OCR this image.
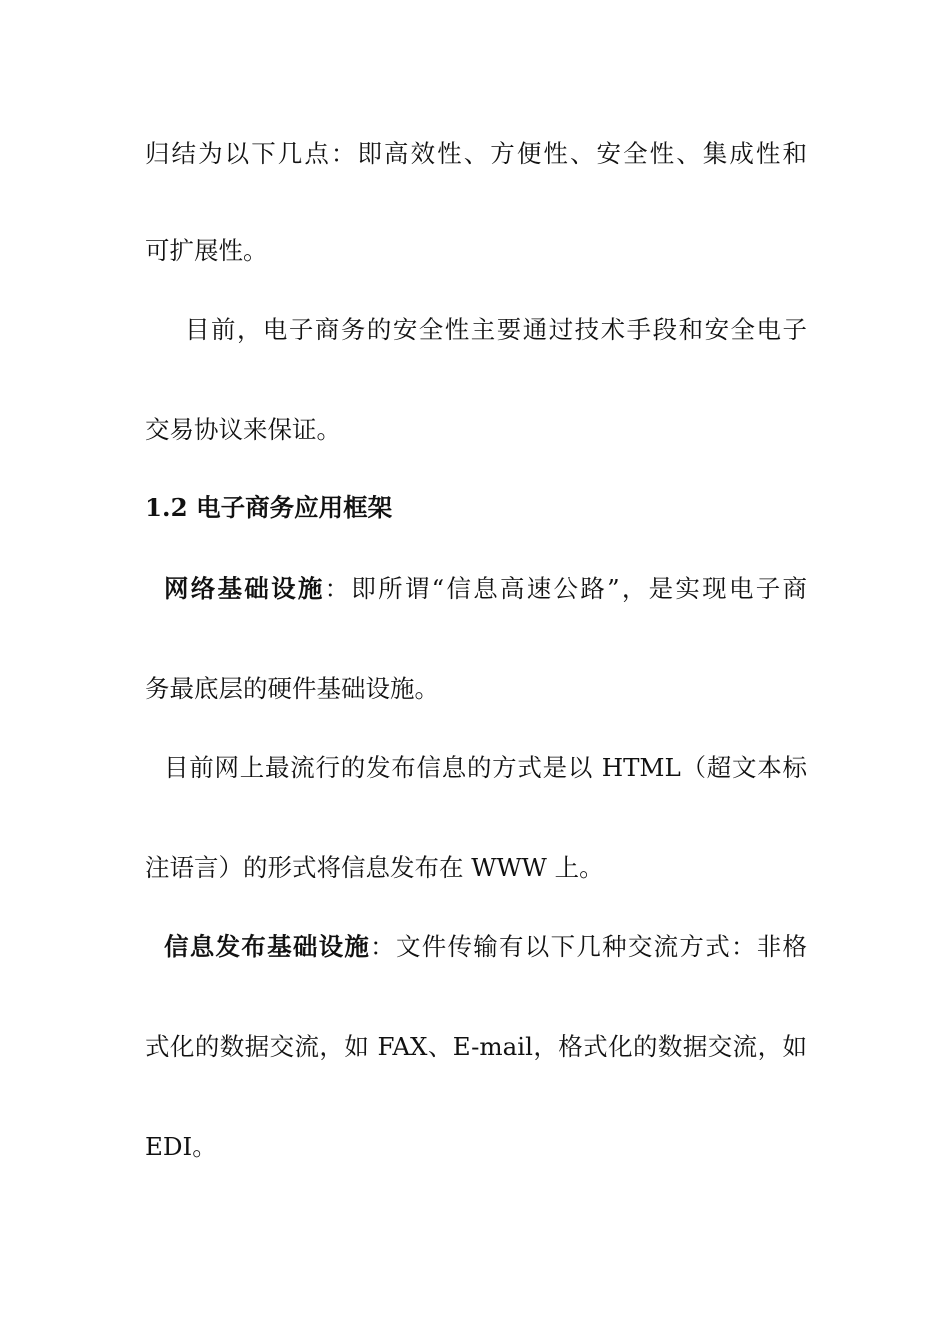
归结为以下几点：即高效性、方便性、安全性、集成性和
可扩展性。
目前，电子商务的安全性主要通过技术手段和安全电子
交易协议来保证。
1.2 电子商务应用框架
网络基础设施：即所谓“信息高速公路”，是实现电子商
务最底层的硬件基础设施。
目前网上最流行的发布信息的方式是以 HTML（超文本标
注语言）的形式将信息发布在 WWW 上。
信息发布基础设施：文件传输有以下几种交流方式：非格
式化的数据交流，如 FAX、E-mail，格式化的数据交流，如
EDI。
